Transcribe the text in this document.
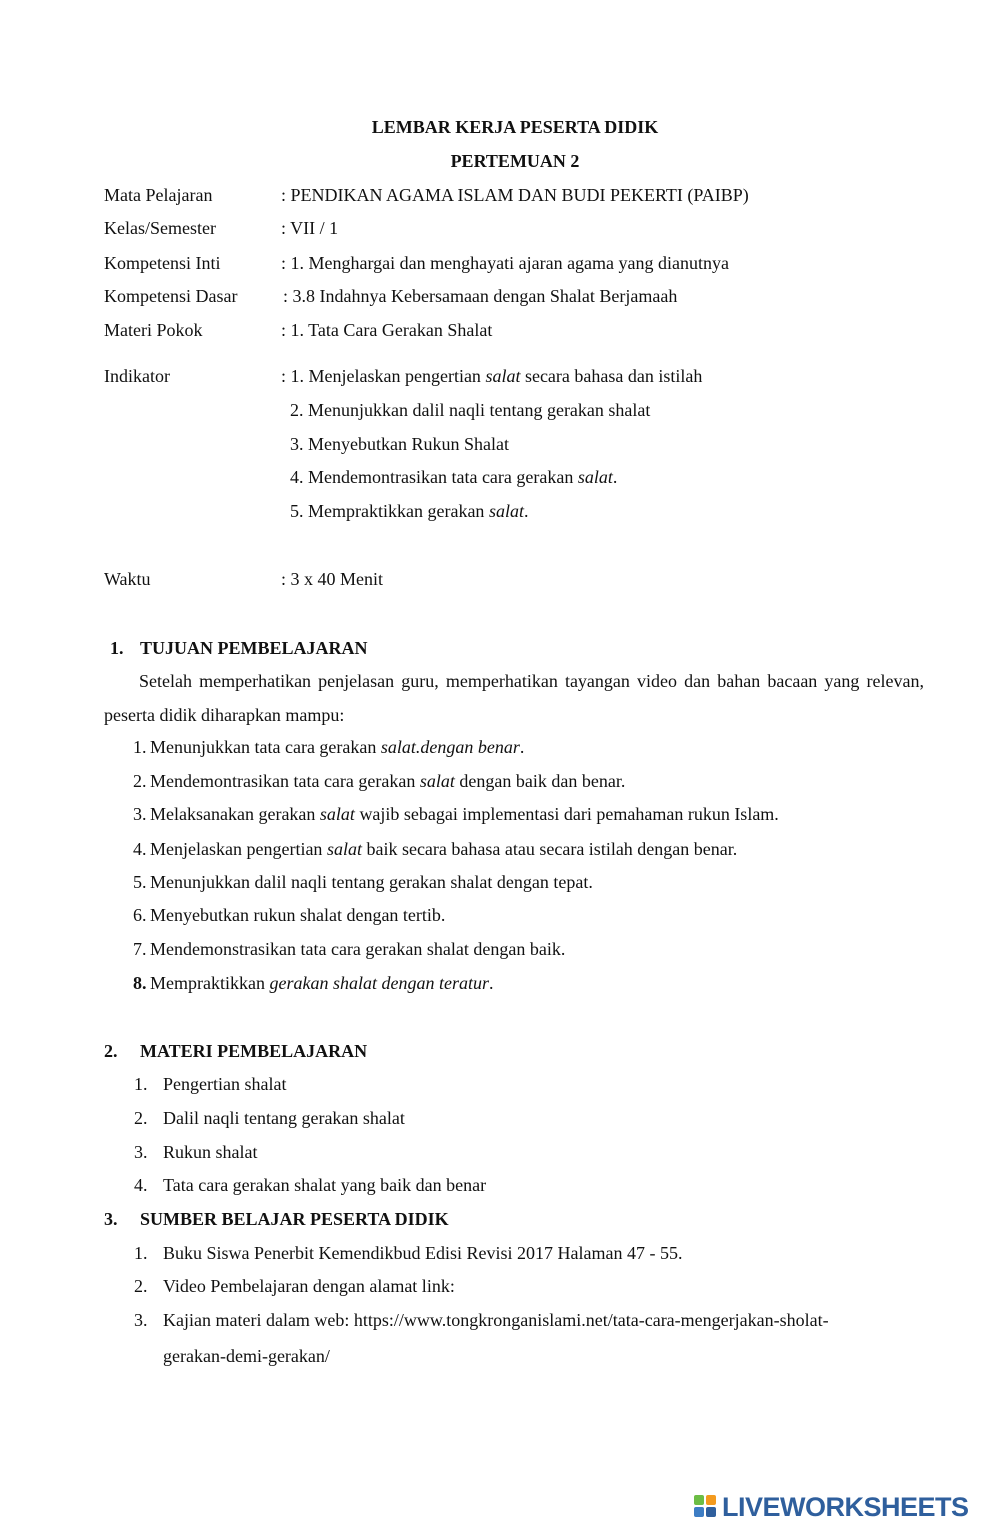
LEMBAR KERJA PESERTA DIDIK
PERTEMUAN 2
Mata Pelajaran	: PENDIKAN AGAMA ISLAM DAN BUDI PEKERTI (PAIBP)
Kelas/Semester	: VII / 1
Kompetensi Inti	: 1. Menghargai dan menghayati ajaran agama yang dianutnya
Kompetensi Dasar	: 3.8 Indahnya Kebersamaan dengan Shalat Berjamaah
Materi Pokok	: 1. Tata Cara Gerakan Shalat
Indikator	: 1. Menjelaskan pengertian salat secara bahasa dan istilah
2. Menunjukkan dalil naqli tentang gerakan shalat
3. Menyebutkan Rukun Shalat
4. Mendemontrasikan tata cara gerakan salat.
5. Mempraktikkan gerakan salat.
Waktu	: 3 x 40 Menit
1. TUJUAN PEMBELAJARAN
Setelah memperhatikan penjelasan guru, memperhatikan tayangan video dan bahan bacaan yang relevan, peserta didik diharapkan mampu:
1. Menunjukkan tata cara gerakan salat.dengan benar.
2. Mendemontrasikan tata cara gerakan salat dengan baik dan benar.
3. Melaksanakan gerakan salat wajib sebagai implementasi dari pemahaman rukun Islam.
4. Menjelaskan pengertian salat baik secara bahasa atau secara istilah dengan benar.
5. Menunjukkan dalil naqli tentang gerakan shalat dengan tepat.
6. Menyebutkan rukun shalat dengan tertib.
7. Mendemonstrasikan tata cara gerakan shalat dengan baik.
8. Mempraktikkan gerakan shalat dengan teratur.
2. MATERI PEMBELAJARAN
1. Pengertian shalat
2. Dalil naqli tentang gerakan shalat
3. Rukun shalat
4. Tata cara gerakan shalat yang baik dan benar
3. SUMBER BELAJAR PESERTA DIDIK
1. Buku Siswa Penerbit Kemendikbud Edisi Revisi 2017 Halaman 47 - 55.
2. Video Pembelajaran dengan alamat link:
3. Kajian materi dalam web: https://www.tongkronganislami.net/tata-cara-mengerjakan-sholat-
gerakan-demi-gerakan/
LIVEWORKSHEETS
